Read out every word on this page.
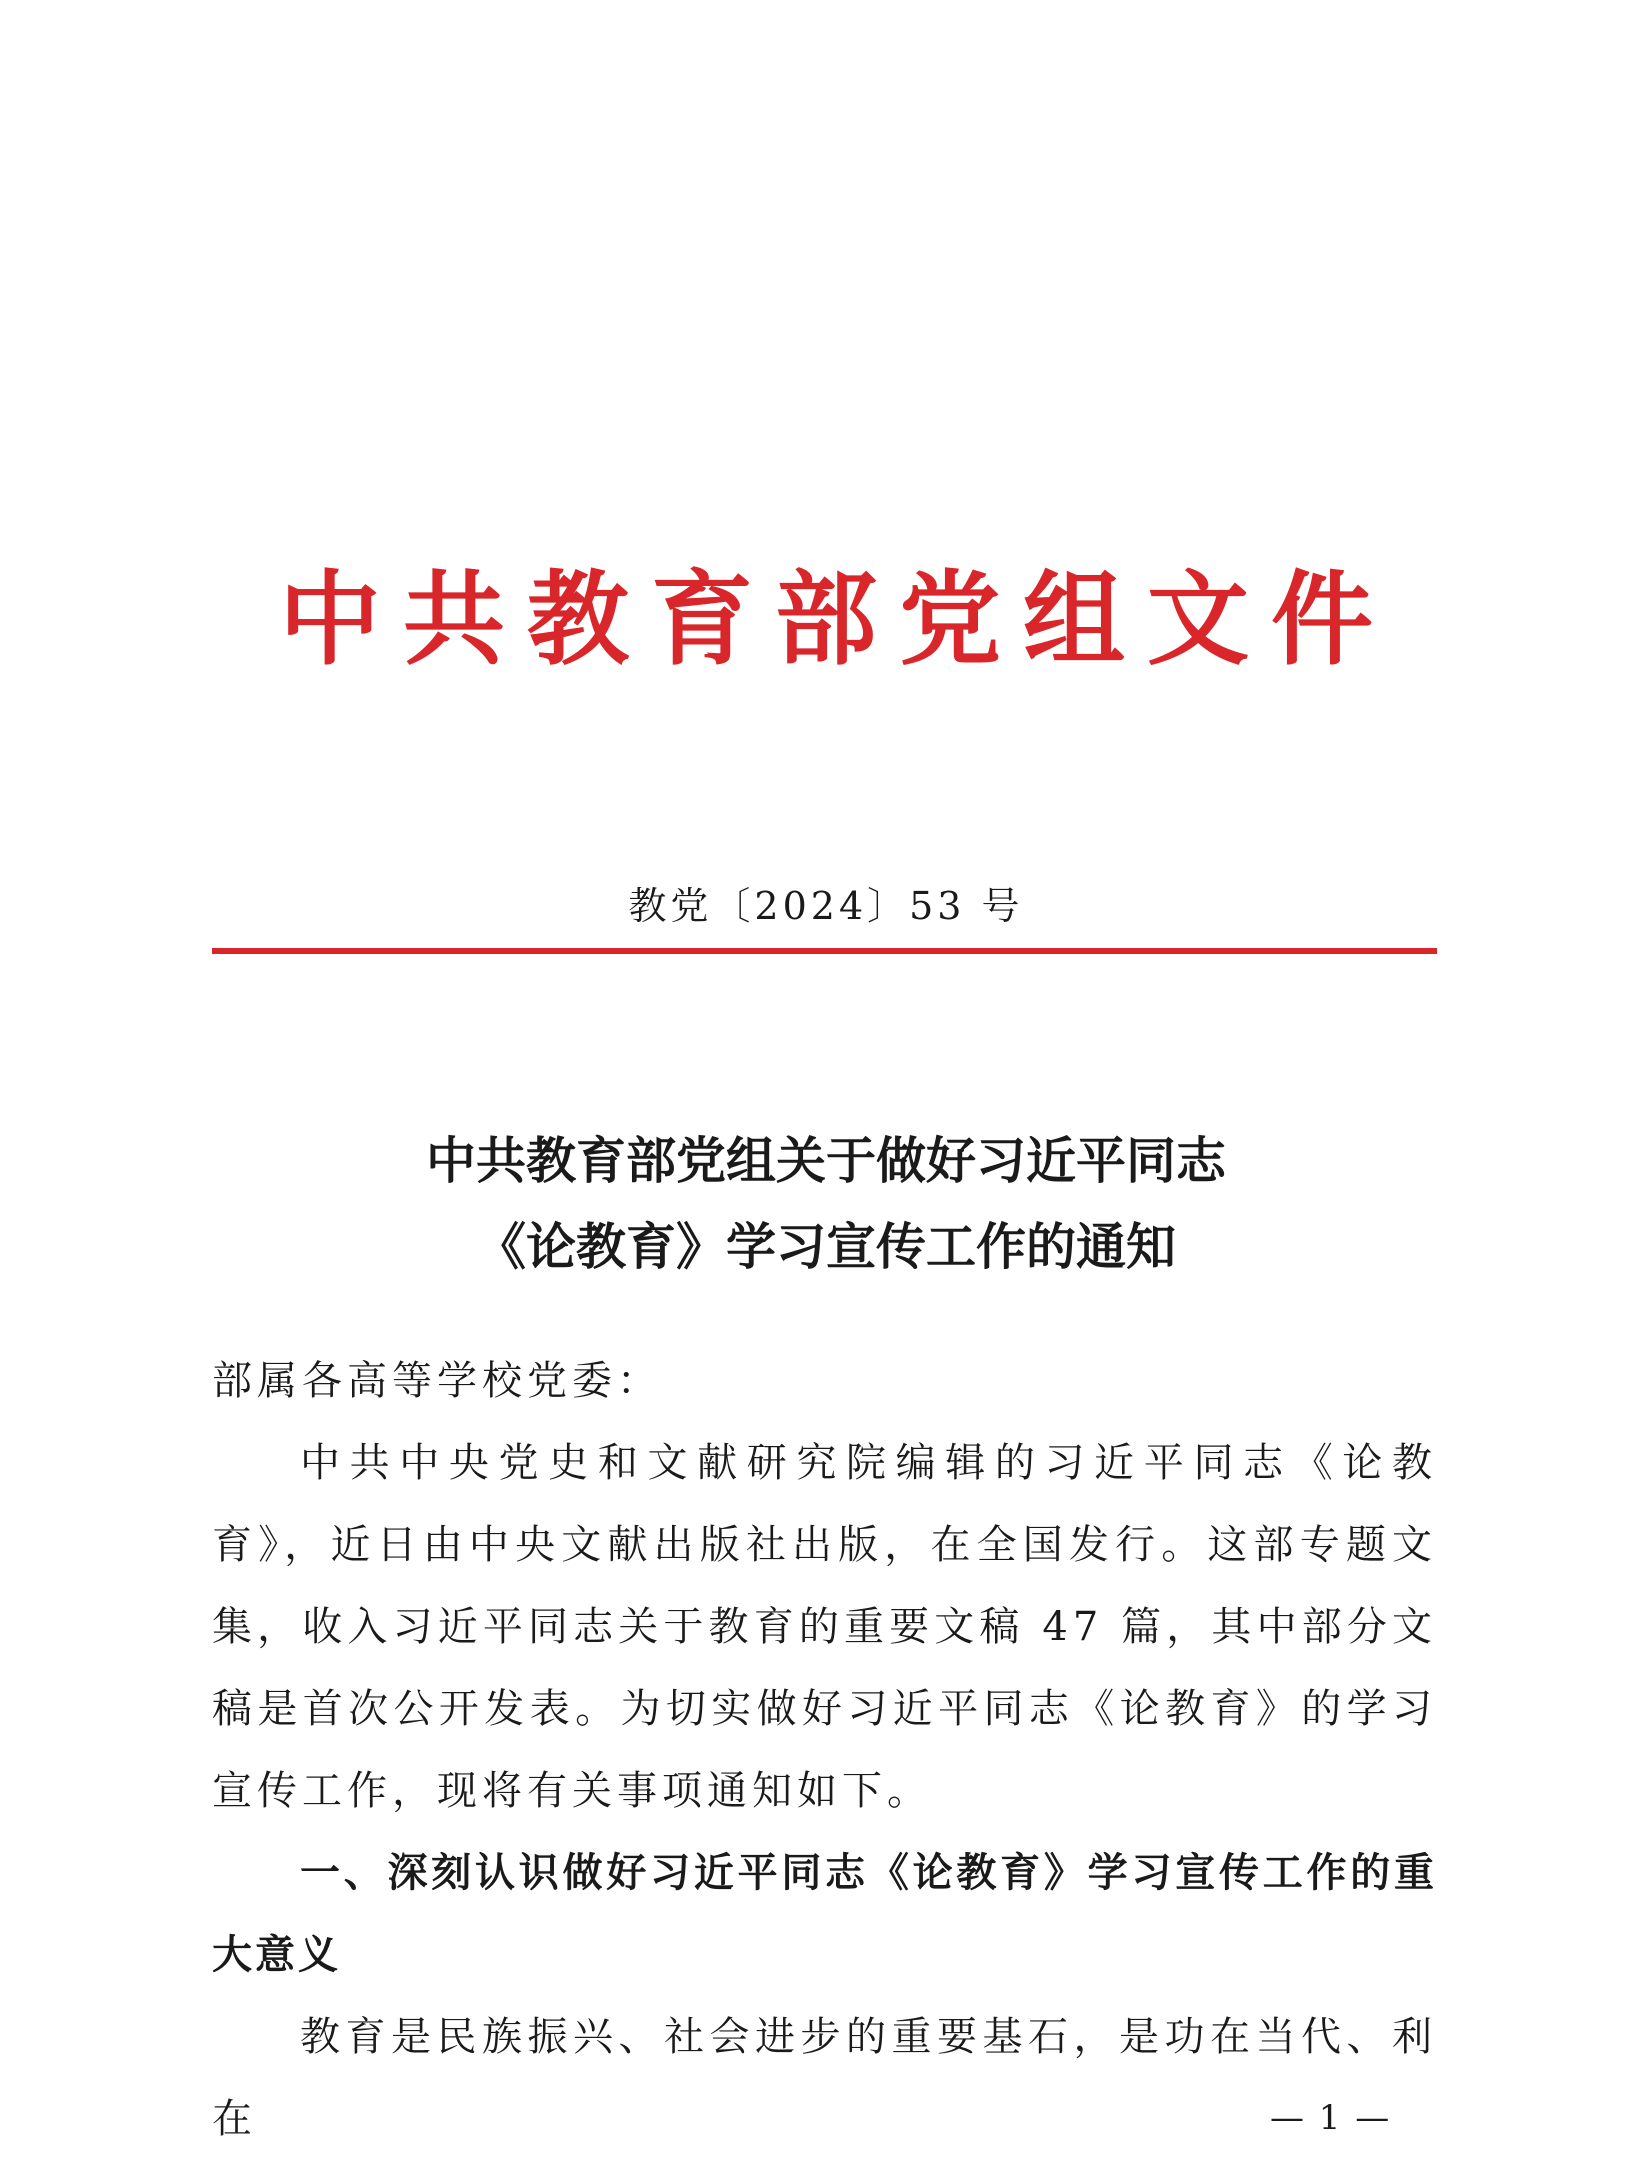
中共教育部党组文件
教党〔2024〕53 号
中共教育部党组关于做好习近平同志
《论教育》学习宣传工作的通知

部属各高等学校党委：

中共中央党史和文献研究院编辑的习近平同志《论教育》，近日由中央文献出版社出版，在全国发行。这部专题文集，收入习近平同志关于教育的重要文稿 47 篇，其中部分文稿是首次公开发表。为切实做好习近平同志《论教育》的学习宣传工作，现将有关事项通知如下。

一、深刻认识做好习近平同志《论教育》学习宣传工作的重大意义

教育是民族振兴、社会进步的重要基石，是功在当代、利在	— 1 —
